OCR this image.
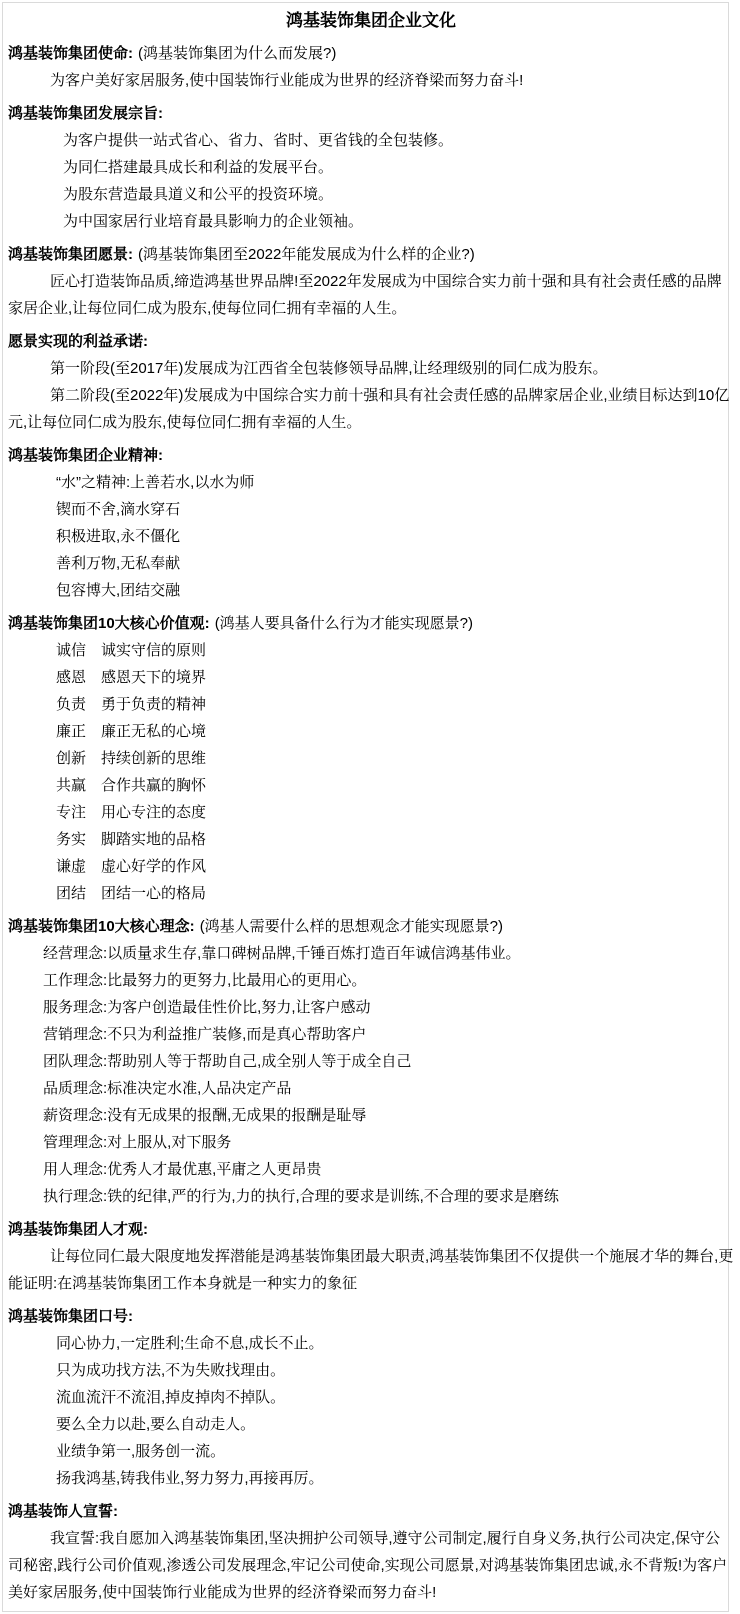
鸿基装饰集团企业文化
鸿基装饰集团使命: (鸿基装饰集团为什么而发展?)
为客户美好家居服务,使中国装饰行业能成为世界的经济脊梁而努力奋斗!
鸿基装饰集团发展宗旨:
为客户提供一站式省心、省力、省时、更省钱的全包装修。
为同仁搭建最具成长和利益的发展平台。
为股东营造最具道义和公平的投资环境。
为中国家居行业培育最具影响力的企业领袖。
鸿基装饰集团愿景: (鸿基装饰集团至2022年能发展成为什么样的企业?)
匠心打造装饰品质,缔造鸿基世界品牌!至2022年发展成为中国综合实力前十强和具有社会责任感的品牌家居企业,让每位同仁成为股东,使每位同仁拥有幸福的人生。
愿景实现的利益承诺:
第一阶段(至2017年)发展成为江西省全包装修领导品牌,让经理级别的同仁成为股东。
第二阶段(至2022年)发展成为中国综合实力前十强和具有社会责任感的品牌家居企业,业绩目标达到10亿元,让每位同仁成为股东,使每位同仁拥有幸福的人生。
鸿基装饰集团企业精神:
“水”之精神:上善若水,以水为师
锲而不舍,滴水穿石
积极进取,永不僵化
善利万物,无私奉献
包容博大,团结交融
鸿基装饰集团10大核心价值观: (鸿基人要具备什么行为才能实现愿景?)
诚信　诚实守信的原则
感恩　感恩天下的境界
负责　勇于负责的精神
廉正　廉正无私的心境
创新　持续创新的思维
共赢　合作共赢的胸怀
专注　用心专注的态度
务实　脚踏实地的品格
谦虚　虚心好学的作风
团结　团结一心的格局
鸿基装饰集团10大核心理念: (鸿基人需要什么样的思想观念才能实现愿景?)
经营理念:以质量求生存,靠口碑树品牌,千锤百炼打造百年诚信鸿基伟业。
工作理念:比最努力的更努力,比最用心的更用心。
服务理念:为客户创造最佳性价比,努力,让客户感动
营销理念:不只为利益推广装修,而是真心帮助客户
团队理念:帮助别人等于帮助自己,成全别人等于成全自己
品质理念:标准决定水准,人品决定产品
薪资理念:没有无成果的报酬,无成果的报酬是耻辱
管理理念:对上服从,对下服务
用人理念:优秀人才最优惠,平庸之人更昂贵
执行理念:铁的纪律,严的行为,力的执行,合理的要求是训练,不合理的要求是磨练
鸿基装饰集团人才观:
让每位同仁最大限度地发挥潜能是鸿基装饰集团最大职责,鸿基装饰集团不仅提供一个施展才华的舞台,更能证明:在鸿基装饰集团工作本身就是一种实力的象征
鸿基装饰集团口号:
同心协力,一定胜利;生命不息,成长不止。
只为成功找方法,不为失败找理由。
流血流汗不流泪,掉皮掉肉不掉队。
要么全力以赴,要么自动走人。
业绩争第一,服务创一流。
扬我鸿基,铸我伟业,努力努力,再接再厉。
鸿基装饰人宣誓:
我宣誓:我自愿加入鸿基装饰集团,坚决拥护公司领导,遵守公司制定,履行自身义务,执行公司决定,保守公司秘密,践行公司价值观,渗透公司发展理念,牢记公司使命,实现公司愿景,对鸿基装饰集团忠诚,永不背叛!为客户美好家居服务,使中国装饰行业能成为世界的经济脊梁而努力奋斗!
